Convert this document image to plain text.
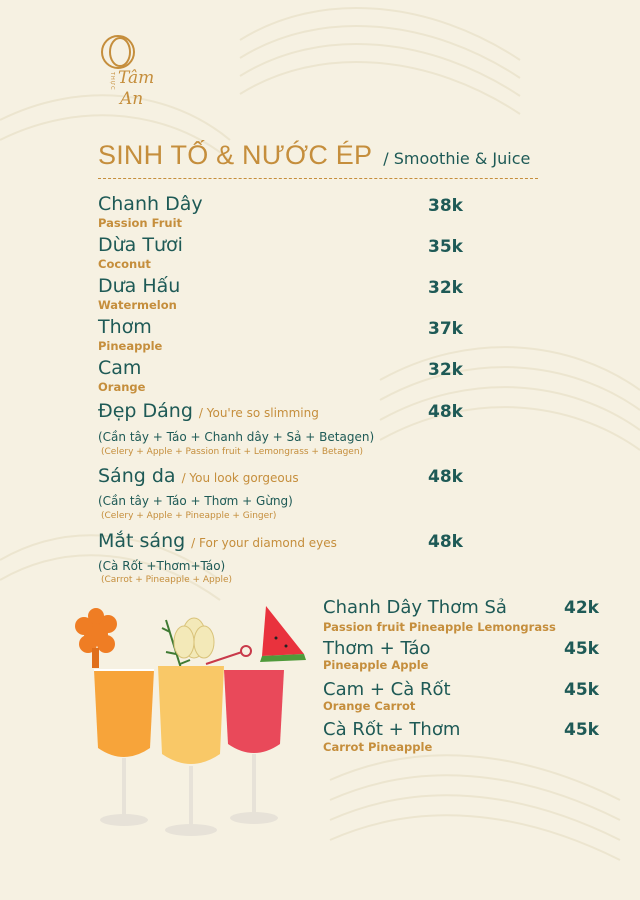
THỰC Tâm
An
SINH TỐ & NƯỚC ÉP / Smoothie & Juice
Chanh Dây
Passion Fruit
38k
Dừa Tươi
Coconut
35k
Dưa Hấu
Watermelon
32k
Thơm
Pineapple
37k
Cam
Orange
32k
Đẹp Dáng / You're so slimming	48k
(Cần tây + Táo + Chanh dây + Sả + Betagen)
(Celery + Apple + Passion fruit + Lemongrass + Betagen)
Sáng da / You look gorgeous	48k
(Cần tây + Táo + Thơm + Gừng)
(Celery + Apple + Pineapple + Ginger)
Mắt sáng / For your diamond eyes	48k
(Cà Rốt +Thơm+Táo)
(Carrot + Pineapple + Apple)
Chanh Dây Thơm Sả
Passion fruit Pineapple Lemongrass
42k
Thơm + Táo
Pineapple Apple
45k
Cam + Cà Rốt
Orange Carrot
45k
Cà Rốt + Thơm
Carrot Pineapple
45k
